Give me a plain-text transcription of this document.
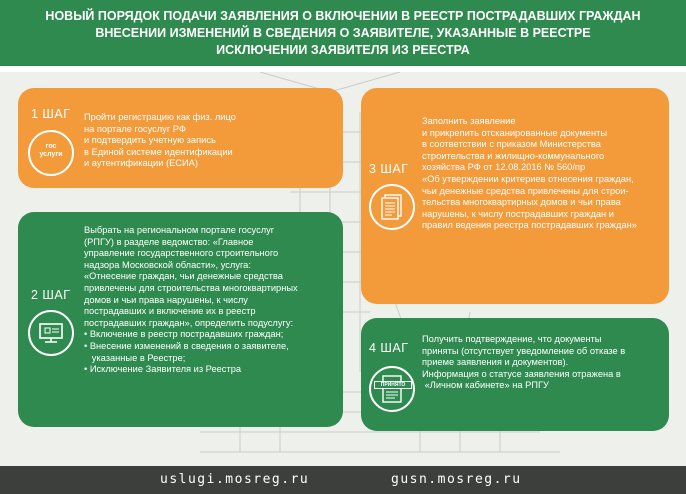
НОВЫЙ ПОРЯДОК ПОДАЧИ ЗАЯВЛЕНИЯ О ВКЛЮЧЕНИИ В РЕЕСТР ПОСТРАДАВШИХ ГРАЖДАН
ВНЕСЕНИИ ИЗМЕНЕНИЙ В СВЕДЕНИЯ О ЗАЯВИТЕЛЕ, УКАЗАННЫЕ В РЕЕСТРЕ
ИСКЛЮЧЕНИИ ЗАЯВИТЕЛЯ ИЗ РЕЕСТРА
1 ШАГ
гос
услуги
Пройти регистрацию как физ. лицо
на портале госуслуг РФ
и подтвердить учетную запись
в Единой системе идентификации
и аутентификации (ЕСИА)
2 ШАГ
Выбрать на региональном портале госуслуг
(РПГУ) в разделе ведомство: «Главное
управление государственного строительного
надзора Московской области», услуга:
«Отнесение граждан, чьи денежные средства
привлечены для строительства многоквартирных
домов и чьи права нарушены, к числу
пострадавших и включение их в реестр
пострадавших граждан», определить подуслугу:
• Включение в реестр пострадавших граждан;
• Внесение изменений в сведения о заявителе,
указанные в Реестре;
• Исключение Заявителя из Реестра
3 ШАГ
Заполнить заявление
и прикрепить отсканированные документы
в соответствии с приказом Министерства
строительства и жилищно-коммунального
хозяйства РФ от 12.08.2016 № 560/пр
«Об утверждении критериев отнесения граждан,
чьи денежные средства привлечены для строи-
тельства многоквартирных домов и чьи права
нарушены, к числу пострадавших граждан и
правил ведения реестра пострадавших граждан»
4 ШАГ
ПРИНЯТО
Получить подтверждение, что документы
приняты (отсутствует уведомление об отказе в
приеме заявления и документов).
Информация о статусе заявления отражена в
«Личном кабинете» на РПГУ
uslugi.mosreg.ru	gusn.mosreg.ru
